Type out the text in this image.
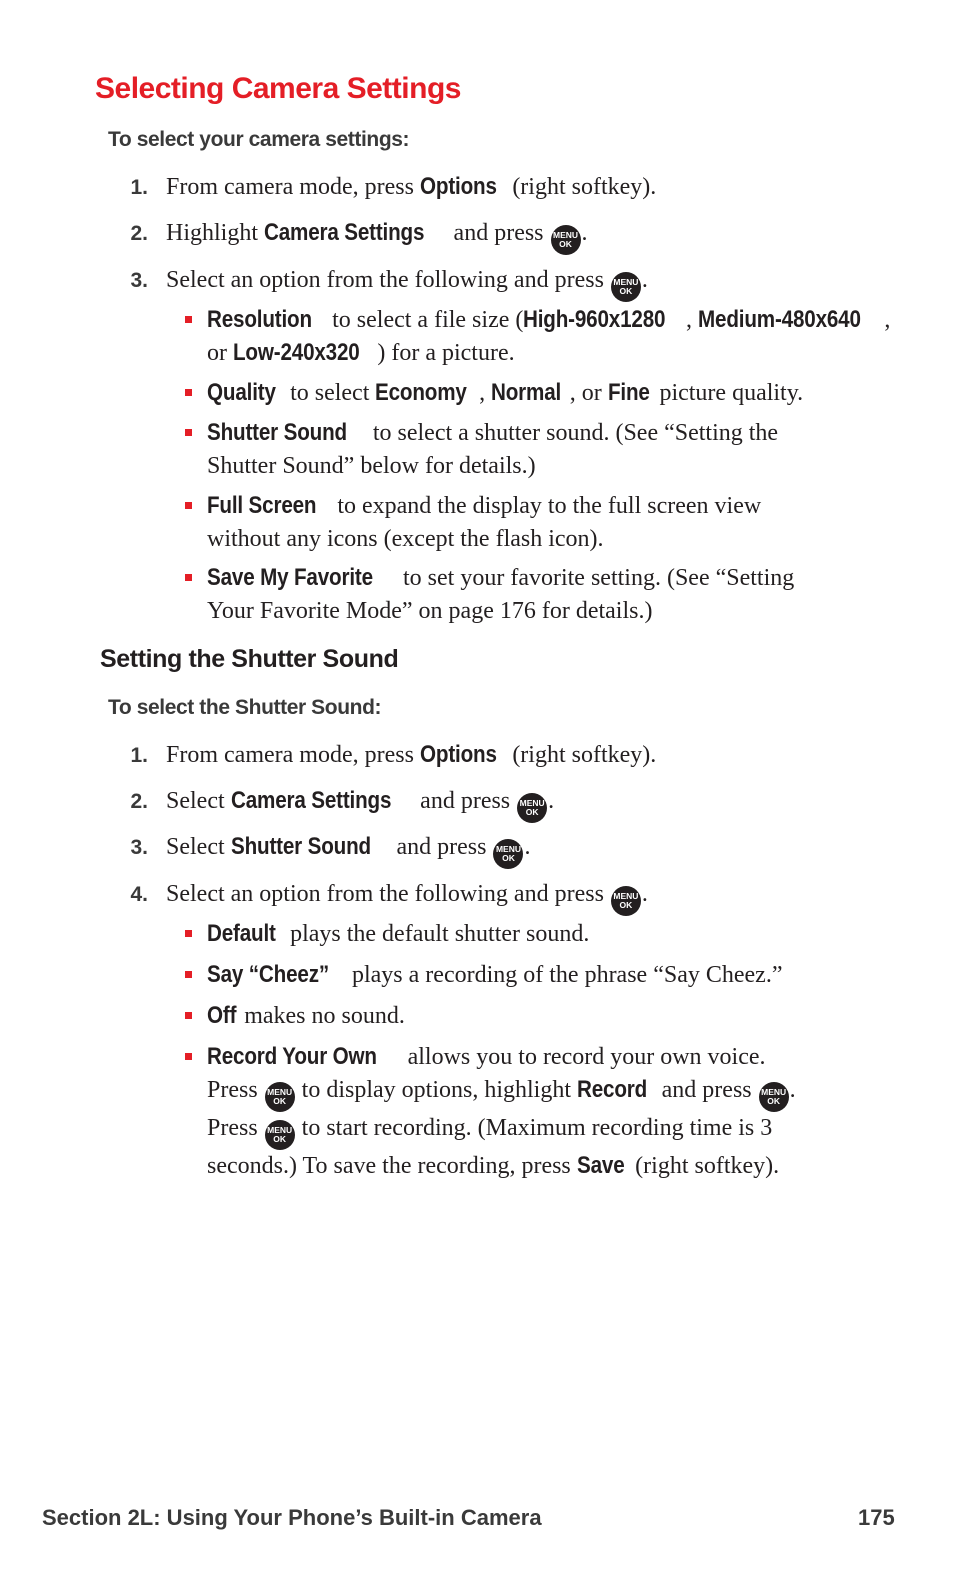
Selecting Camera Settings

To select your camera settings:

1. From camera mode, press Options (right softkey).
2. Highlight Camera Settings and press MENU
OK .
3. Select an option from the following and press MENU
OK .
Resolution to select a file size (High-960x1280 , Medium-480x640 ,
or Low-240x320 ) for a picture.
Quality to select Economy , Normal , or Fine picture quality.
Shutter Sound to select a shutter sound. (See “Setting the
Shutter Sound” below for details.)
Full Screen to expand the display to the full screen view
without any icons (except the flash icon).
Save My Favorite to set your favorite setting. (See “Setting
Your Favorite Mode” on page 176 for details.)
Setting the Shutter Sound

To select the Shutter Sound:

1. From camera mode, press Options (right softkey).
2. Select Camera Settings and press MENU
OK .
3. Select Shutter Sound and press MENU
OK .
4. Select an option from the following and press MENU
OK .
Default plays the default shutter sound.
Say “Cheez” plays a recording of the phrase “Say Cheez.”
Off makes no sound.
Record Your Own allows you to record your own voice.
Press MENU
OK to display options, highlight Record and press MENU
OK .
Press MENU
OK to start recording. (Maximum recording time is 3
seconds.) To save the recording, press Save (right softkey).
Section 2L: Using Your Phone’s Built-in Camera	175
